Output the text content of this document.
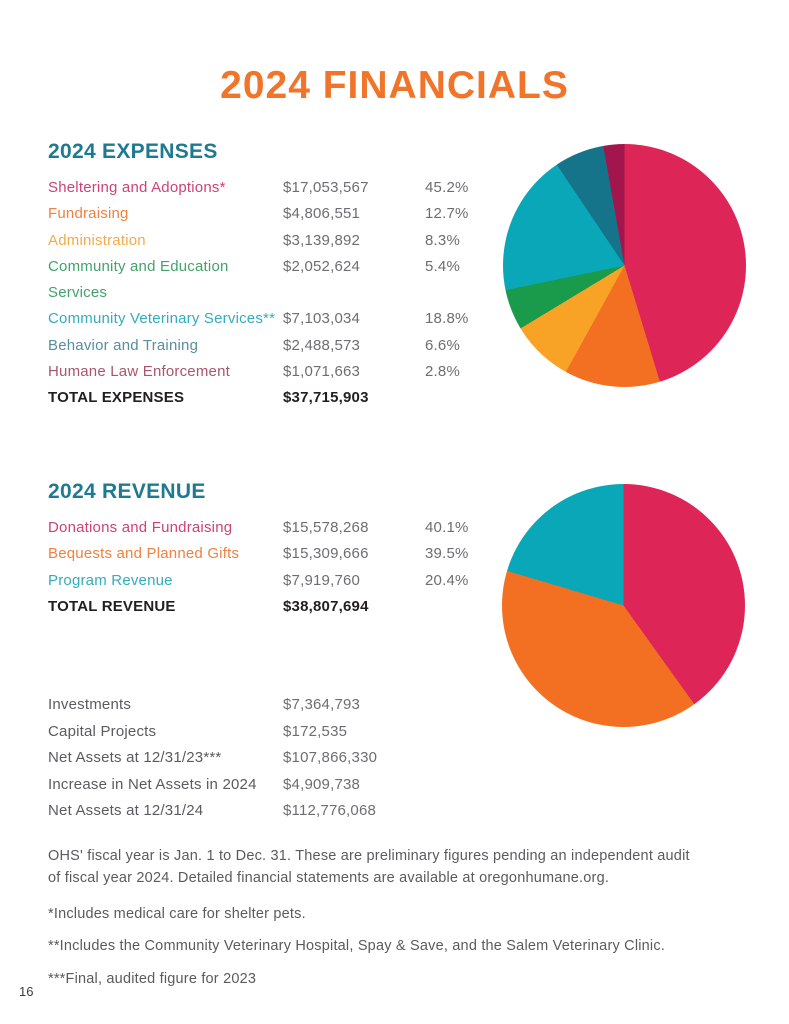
2024 FINANCIALS
2024 EXPENSES
Sheltering and Adoptions*	$17,053,567	45.2%
Fundraising	$4,806,551	12.7%
Administration	$3,139,892	8.3%
Community and Education Services
$2,052,624	5.4%
Community Veterinary Services** $7,103,034	18.8%
Behavior and Training	$2,488,573	6.6%
Humane Law Enforcement	$1,071,663	2.8%
TOTAL EXPENSES	$37,715,903
2024 REVENUE
Donations and Fundraising	$15,578,268	40.1%
Bequests and Planned Gifts	$15,309,666	39.5%
Program Revenue	$7,919,760	20.4%
TOTAL REVENUE	$38,807,694
Investments	$7,364,793
Capital Projects	$172,535
Net Assets at 12/31/23***	$107,866,330
Increase in Net Assets in 2024	$4,909,738
Net Assets at 12/31/24	$112,776,068
OHS' fiscal year is Jan. 1 to Dec. 31. These are preliminary figures pending an independent audit of fiscal year 2024. Detailed financial statements are available at oregonhumane.org.
*Includes medical care for shelter pets.
**Includes the Community Veterinary Hospital, Spay & Save, and the Salem Veterinary Clinic.
***Final, audited figure for 2023
16
